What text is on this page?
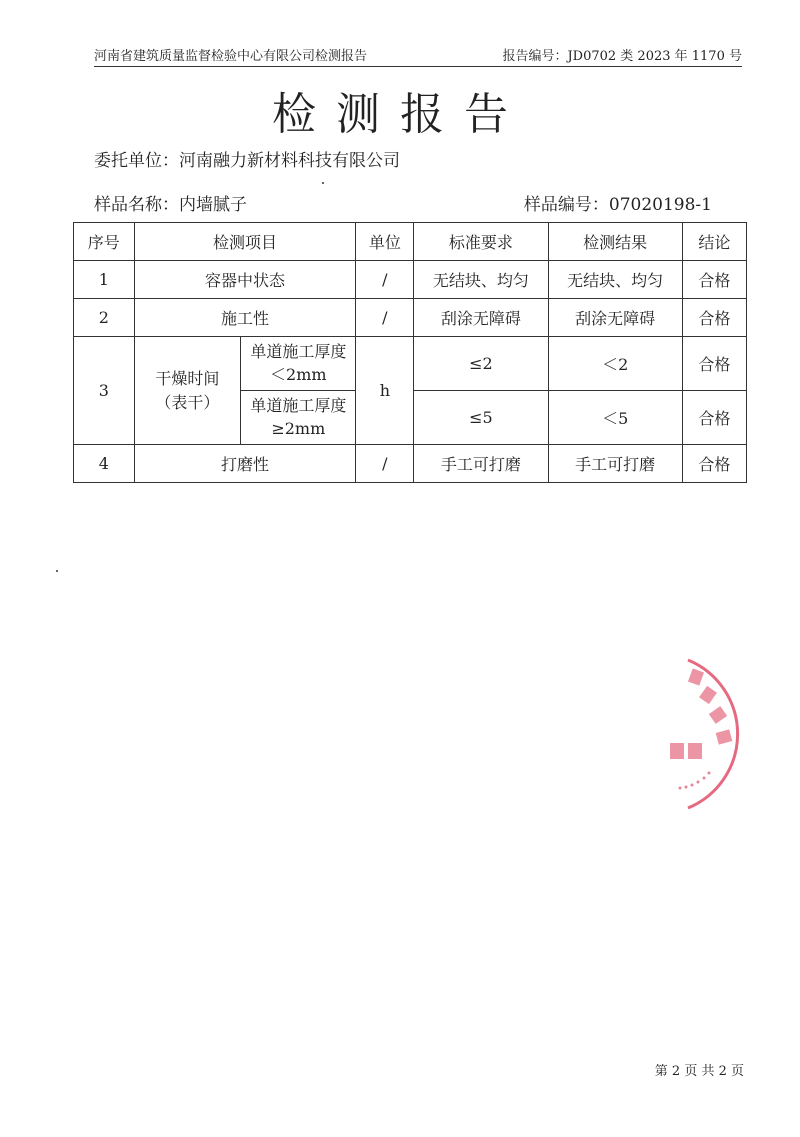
河南省建筑质量监督检验中心有限公司检测报告	报告编号：JD0702 类 2023 年 1170 号
检测报告
委托单位：河南融力新材料科技有限公司
样品名称：内墙腻子	样品编号：07020198-1
序号	检测项目		单位	标准要求	检测结果	结论
1	容器中状态		/	无结块、均匀	无结块、均匀	合格
2	施工性		/	刮涂无障碍	刮涂无障碍	合格
3	干燥时间（表干）	单道施工厚度＜2mm	h	≤2	＜2	合格
		单道施工厚度≥2mm		≤5	＜5	合格
4	打磨性		/	手工可打磨	手工可打磨	合格
第 2 页 共 2 页
